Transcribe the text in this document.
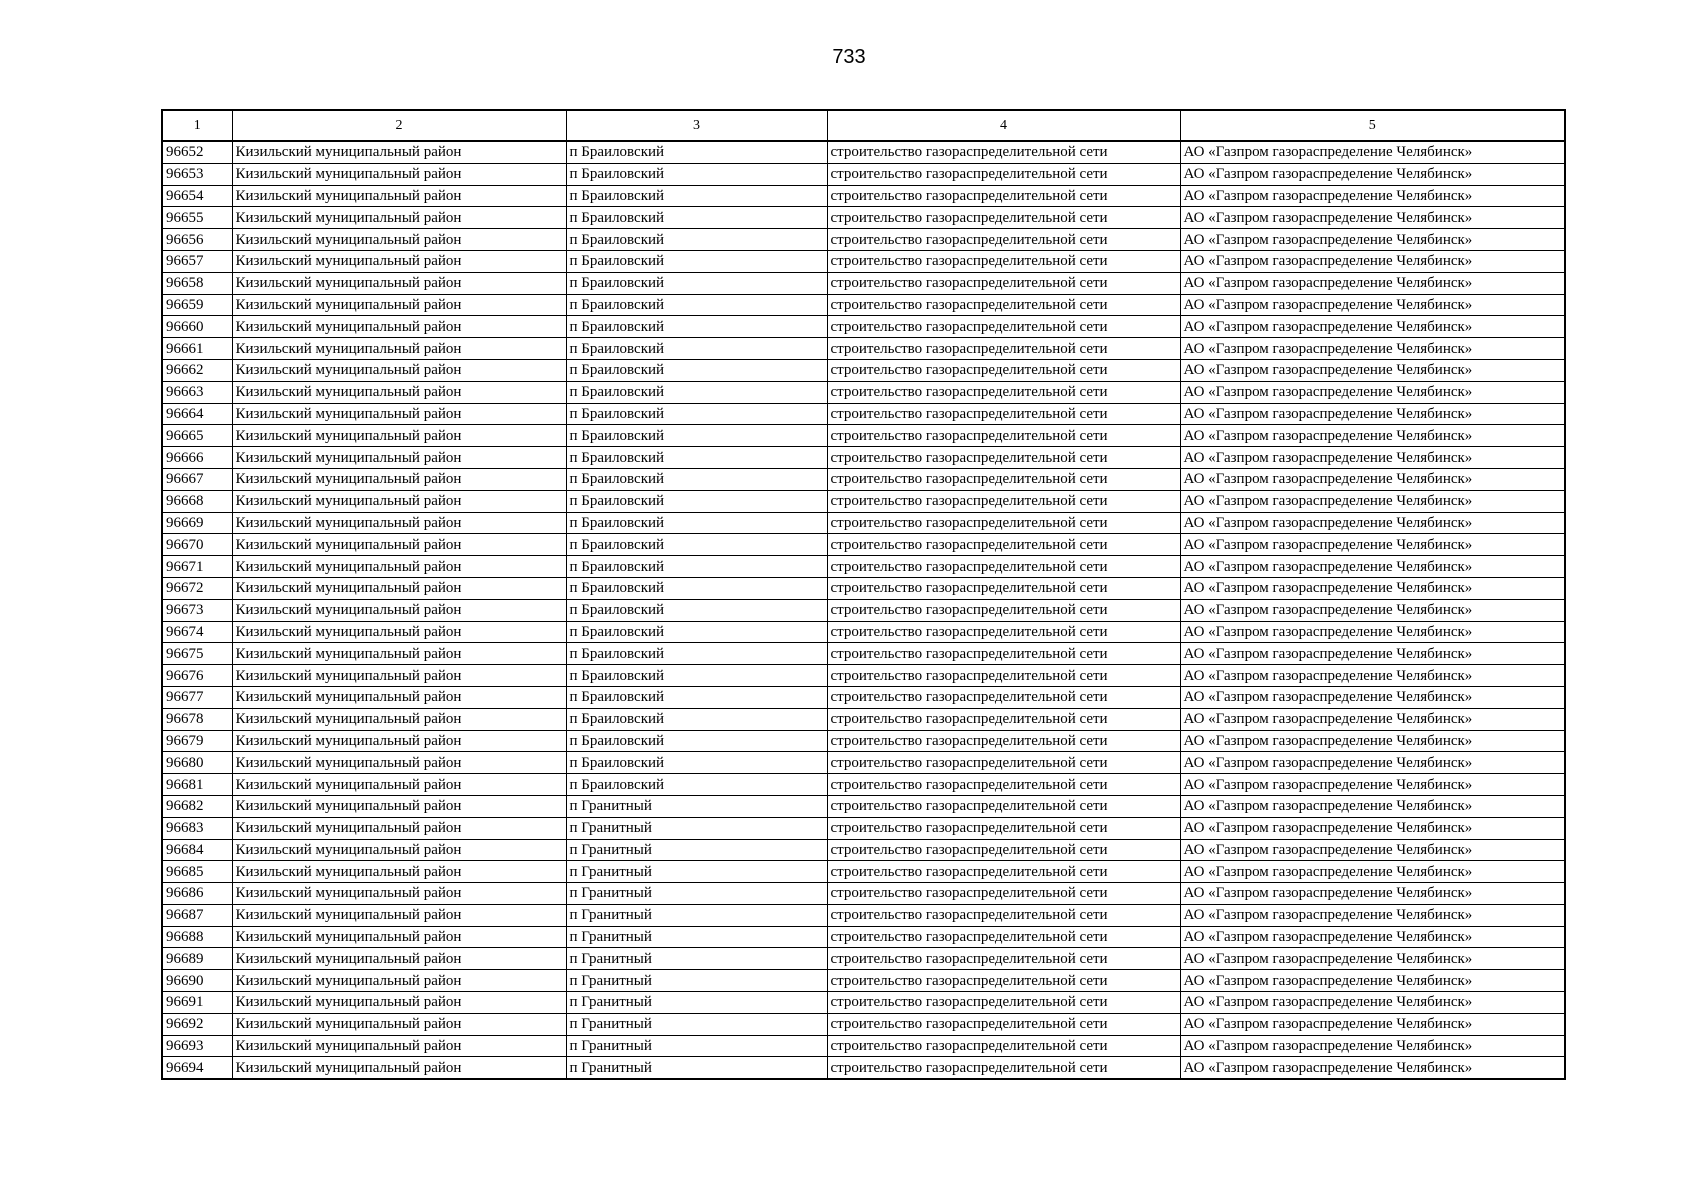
733
1	2	3	4	5
96652	Кизильский муниципальный район	п Браиловский	строительство газораспределительной сети	АО «Газпром газораспределение Челябинск»
96653	Кизильский муниципальный район	п Браиловский	строительство газораспределительной сети	АО «Газпром газораспределение Челябинск»
96654	Кизильский муниципальный район	п Браиловский	строительство газораспределительной сети	АО «Газпром газораспределение Челябинск»
96655	Кизильский муниципальный район	п Браиловский	строительство газораспределительной сети	АО «Газпром газораспределение Челябинск»
96656	Кизильский муниципальный район	п Браиловский	строительство газораспределительной сети	АО «Газпром газораспределение Челябинск»
96657	Кизильский муниципальный район	п Браиловский	строительство газораспределительной сети	АО «Газпром газораспределение Челябинск»
96658	Кизильский муниципальный район	п Браиловский	строительство газораспределительной сети	АО «Газпром газораспределение Челябинск»
96659	Кизильский муниципальный район	п Браиловский	строительство газораспределительной сети	АО «Газпром газораспределение Челябинск»
96660	Кизильский муниципальный район	п Браиловский	строительство газораспределительной сети	АО «Газпром газораспределение Челябинск»
96661	Кизильский муниципальный район	п Браиловский	строительство газораспределительной сети	АО «Газпром газораспределение Челябинск»
96662	Кизильский муниципальный район	п Браиловский	строительство газораспределительной сети	АО «Газпром газораспределение Челябинск»
96663	Кизильский муниципальный район	п Браиловский	строительство газораспределительной сети	АО «Газпром газораспределение Челябинск»
96664	Кизильский муниципальный район	п Браиловский	строительство газораспределительной сети	АО «Газпром газораспределение Челябинск»
96665	Кизильский муниципальный район	п Браиловский	строительство газораспределительной сети	АО «Газпром газораспределение Челябинск»
96666	Кизильский муниципальный район	п Браиловский	строительство газораспределительной сети	АО «Газпром газораспределение Челябинск»
96667	Кизильский муниципальный район	п Браиловский	строительство газораспределительной сети	АО «Газпром газораспределение Челябинск»
96668	Кизильский муниципальный район	п Браиловский	строительство газораспределительной сети	АО «Газпром газораспределение Челябинск»
96669	Кизильский муниципальный район	п Браиловский	строительство газораспределительной сети	АО «Газпром газораспределение Челябинск»
96670	Кизильский муниципальный район	п Браиловский	строительство газораспределительной сети	АО «Газпром газораспределение Челябинск»
96671	Кизильский муниципальный район	п Браиловский	строительство газораспределительной сети	АО «Газпром газораспределение Челябинск»
96672	Кизильский муниципальный район	п Браиловский	строительство газораспределительной сети	АО «Газпром газораспределение Челябинск»
96673	Кизильский муниципальный район	п Браиловский	строительство газораспределительной сети	АО «Газпром газораспределение Челябинск»
96674	Кизильский муниципальный район	п Браиловский	строительство газораспределительной сети	АО «Газпром газораспределение Челябинск»
96675	Кизильский муниципальный район	п Браиловский	строительство газораспределительной сети	АО «Газпром газораспределение Челябинск»
96676	Кизильский муниципальный район	п Браиловский	строительство газораспределительной сети	АО «Газпром газораспределение Челябинск»
96677	Кизильский муниципальный район	п Браиловский	строительство газораспределительной сети	АО «Газпром газораспределение Челябинск»
96678	Кизильский муниципальный район	п Браиловский	строительство газораспределительной сети	АО «Газпром газораспределение Челябинск»
96679	Кизильский муниципальный район	п Браиловский	строительство газораспределительной сети	АО «Газпром газораспределение Челябинск»
96680	Кизильский муниципальный район	п Браиловский	строительство газораспределительной сети	АО «Газпром газораспределение Челябинск»
96681	Кизильский муниципальный район	п Браиловский	строительство газораспределительной сети	АО «Газпром газораспределение Челябинск»
96682	Кизильский муниципальный район	п Гранитный	строительство газораспределительной сети	АО «Газпром газораспределение Челябинск»
96683	Кизильский муниципальный район	п Гранитный	строительство газораспределительной сети	АО «Газпром газораспределение Челябинск»
96684	Кизильский муниципальный район	п Гранитный	строительство газораспределительной сети	АО «Газпром газораспределение Челябинск»
96685	Кизильский муниципальный район	п Гранитный	строительство газораспределительной сети	АО «Газпром газораспределение Челябинск»
96686	Кизильский муниципальный район	п Гранитный	строительство газораспределительной сети	АО «Газпром газораспределение Челябинск»
96687	Кизильский муниципальный район	п Гранитный	строительство газораспределительной сети	АО «Газпром газораспределение Челябинск»
96688	Кизильский муниципальный район	п Гранитный	строительство газораспределительной сети	АО «Газпром газораспределение Челябинск»
96689	Кизильский муниципальный район	п Гранитный	строительство газораспределительной сети	АО «Газпром газораспределение Челябинск»
96690	Кизильский муниципальный район	п Гранитный	строительство газораспределительной сети	АО «Газпром газораспределение Челябинск»
96691	Кизильский муниципальный район	п Гранитный	строительство газораспределительной сети	АО «Газпром газораспределение Челябинск»
96692	Кизильский муниципальный район	п Гранитный	строительство газораспределительной сети	АО «Газпром газораспределение Челябинск»
96693	Кизильский муниципальный район	п Гранитный	строительство газораспределительной сети	АО «Газпром газораспределение Челябинск»
96694	Кизильский муниципальный район	п Гранитный	строительство газораспределительной сети	АО «Газпром газораспределение Челябинск»
